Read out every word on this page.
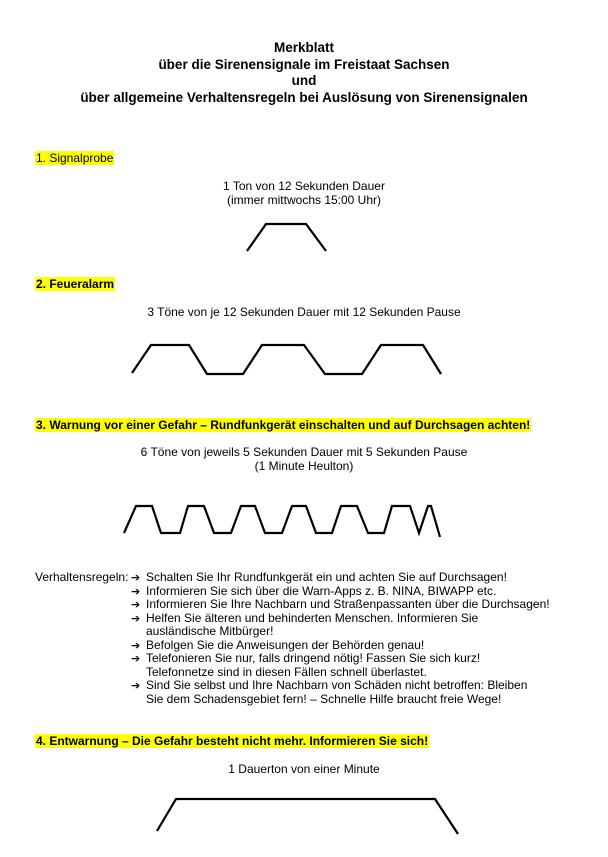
Merkblatt
über die Sirenensignale im Freistaat Sachsen
und
über allgemeine Verhaltensregeln bei Auslösung von Sirenensignalen
1. Signalprobe
1 Ton von 12 Sekunden Dauer
(immer mittwochs 15:00 Uhr)
2. Feueralarm
3 Töne von je 12 Sekunden Dauer mit 12 Sekunden Pause
3. Warnung vor einer Gefahr – Rundfunkgerät einschalten und auf Durchsagen achten!
6 Töne von jeweils 5 Sekunden Dauer mit 5 Sekunden Pause
(1 Minute Heulton)
Verhaltensregeln: ➔ Schalten Sie Ihr Rundfunkgerät ein und achten Sie auf Durchsagen!
➔ Informieren Sie sich über die Warn-Apps z. B. NINA, BIWAPP etc.
➔ Informieren Sie Ihre Nachbarn und Straßenpassanten über die Durchsagen!
➔ Helfen Sie älteren und behinderten Menschen. Informieren Sie
ausländische Mitbürger!
➔ Befolgen Sie die Anweisungen der Behörden genau!
➔ Telefonieren Sie nur, falls dringend nötig! Fassen Sie sich kurz!
Telefonnetze sind in diesen Fällen schnell überlastet.
➔ Sind Sie selbst und Ihre Nachbarn von Schäden nicht betroffen: Bleiben
Sie dem Schadensgebiet fern! – Schnelle Hilfe braucht freie Wege!
4. Entwarnung – Die Gefahr besteht nicht mehr. Informieren Sie sich!
1 Dauerton von einer Minute
